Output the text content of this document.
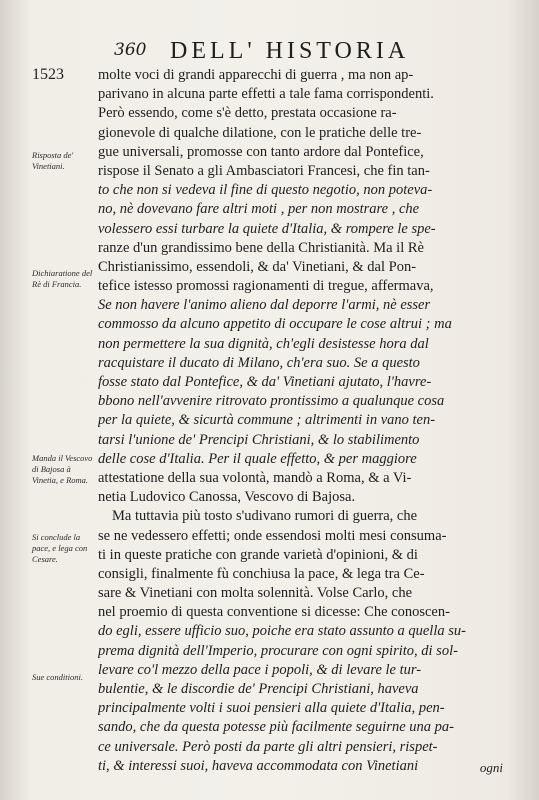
360 DELL' HISTORIA
1523
Risposta de' Vinetiani.
Dichiaratione del Rè di Francia.
Manda il Vescovo di Bajosa à Vinetia, e Roma.
Si conclude la pace, e lega con Cesare.
Sue conditioni.
molte voci di grandi apparecchi di guerra , ma non ap-
parivano in alcuna parte effetti a tale fama corrispondenti.
Però essendo, come s'è detto, prestata occasione ra-
gionevole di qualche dilatione, con le pratiche delle tre-
gue universali, promosse con tanto ardore dal Pontefice,
rispose il Senato a gli Ambasciatori Francesi, che fin tan-
to che non si vedeva il fine di questo negotio, non poteva-
no, nè dovevano fare altri moti , per non mostrare , che
volessero essi turbare la quiete d'Italia, & rompere le spe-
ranze d'un grandissimo bene della Christianità. Ma il Rè
Christianissimo, essendoli, & da' Vinetiani, & dal Pon-
tefice istesso promossi ragionamenti di tregue, affermava,
Se non havere l'animo alieno dal deporre l'armi, nè esser
commosso da alcuno appetito di occupare le cose altrui ; ma
non permettere la sua dignità, ch'egli desistesse hora dal
racquistare il ducato di Milano, ch'era suo. Se a questo
fosse stato dal Pontefice, & da' Vinetiani ajutato, l'havre-
bbono nell'avvenire ritrovato prontissimo a qualunque cosa
per la quiete, & sicurtà commune ; altrimenti in vano ten-
tarsi l'unione de' Prencipi Christiani, & lo stabilimento
delle cose d'Italia. Per il quale effetto, & per maggiore
attestatione della sua volontà, mandò a Roma, & a Vi-
netia Ludovico Canossa, Vescovo di Bajosa.
Ma tuttavia più tosto s'udivano rumori di guerra, che
se ne vedessero effetti; onde essendosi molti mesi consuma-
ti in queste pratiche con grande varietà d'opinioni, & di
consigli, finalmente fù conchiusa la pace, & lega tra Ce-
sare & Vinetiani con molta solennità. Volse Carlo, che
nel proemio di questa conventione si dicesse: Che conoscen-
do egli, essere ufficio suo, poiche era stato assunto a quella su-
prema dignità dell'Imperio, procurare con ogni spirito, di sol-
levare co'l mezzo della pace i popoli, & di levare le tur-
bulentie, & le discordie de' Prencipi Christiani, haveva
principalmente volti i suoi pensieri alla quiete d'Italia, pen-
sando, che da questa potesse più facilmente seguirne una pa-
ce universale. Però posti da parte gli altri pensieri, rispet-
ti, & interessi suoi, haveva accommodata con Vinetiani	ogni
